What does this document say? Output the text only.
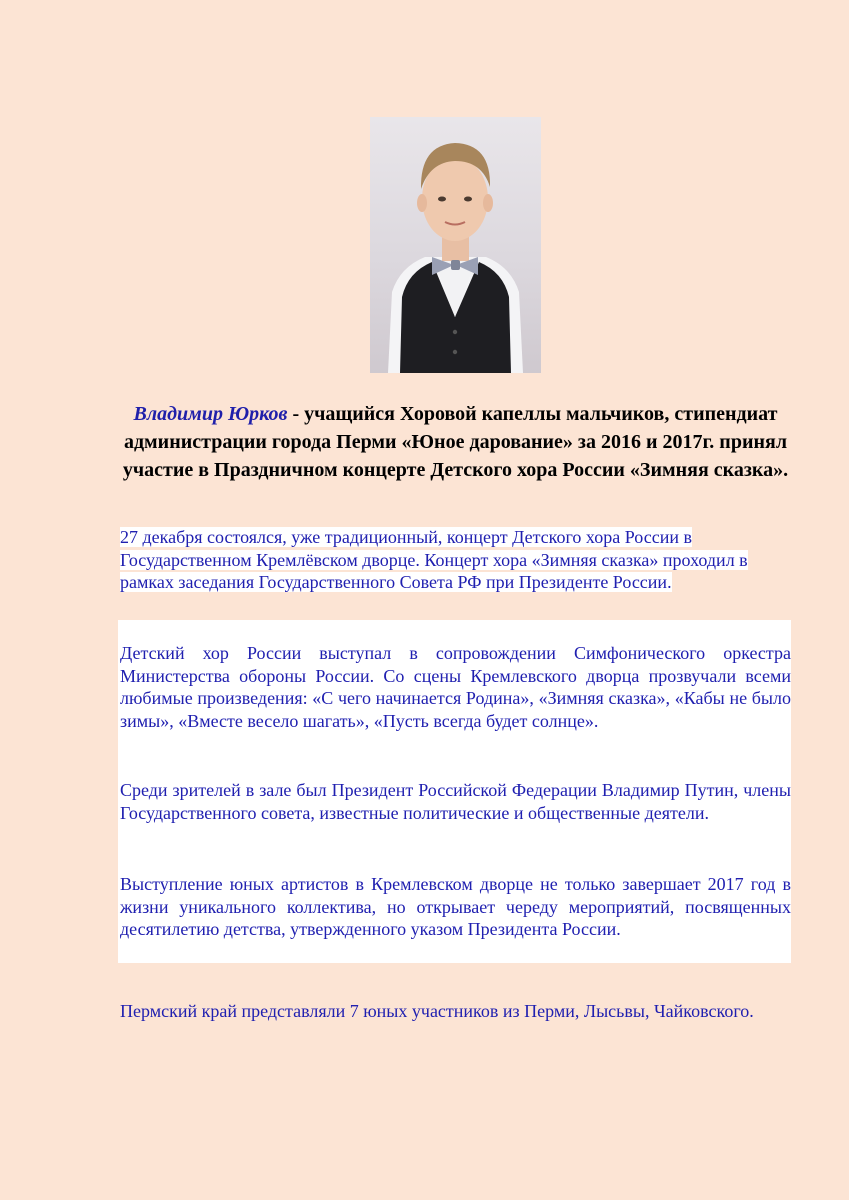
Владимир Юрков - учащийся Хоровой капеллы мальчиков, стипендиат администрации города Перми «Юное дарование» за 2016 и 2017г. принял участие в Праздничном концерте Детского хора России «Зимняя сказка».
27 декабря состоялся, уже традиционный, концерт Детского хора России в Государственном Кремлёвском дворце. Концерт хора «Зимняя сказка» проходил в рамках заседания Государственного Совета РФ при Президенте России.
Детский хор России выступал в сопровождении Симфонического оркестра Министерства обороны России. Со сцены Кремлевского дворца прозвучали всеми любимые произведения: «С чего начинается Родина», «Зимняя сказка», «Кабы не было зимы», «Вместе весело шагать», «Пусть всегда будет солнце».
Среди зрителей в зале был Президент Российской Федерации Владимир Путин, члены Государственного совета, известные политические и общественные деятели.
Выступление юных артистов в Кремлевском дворце не только завершает 2017 год в жизни уникального коллектива, но открывает череду мероприятий, посвященных десятилетию детства, утвержденного указом Президента России.
Пермский край представляли 7 юных участников из Перми, Лысьвы, Чайковского.
